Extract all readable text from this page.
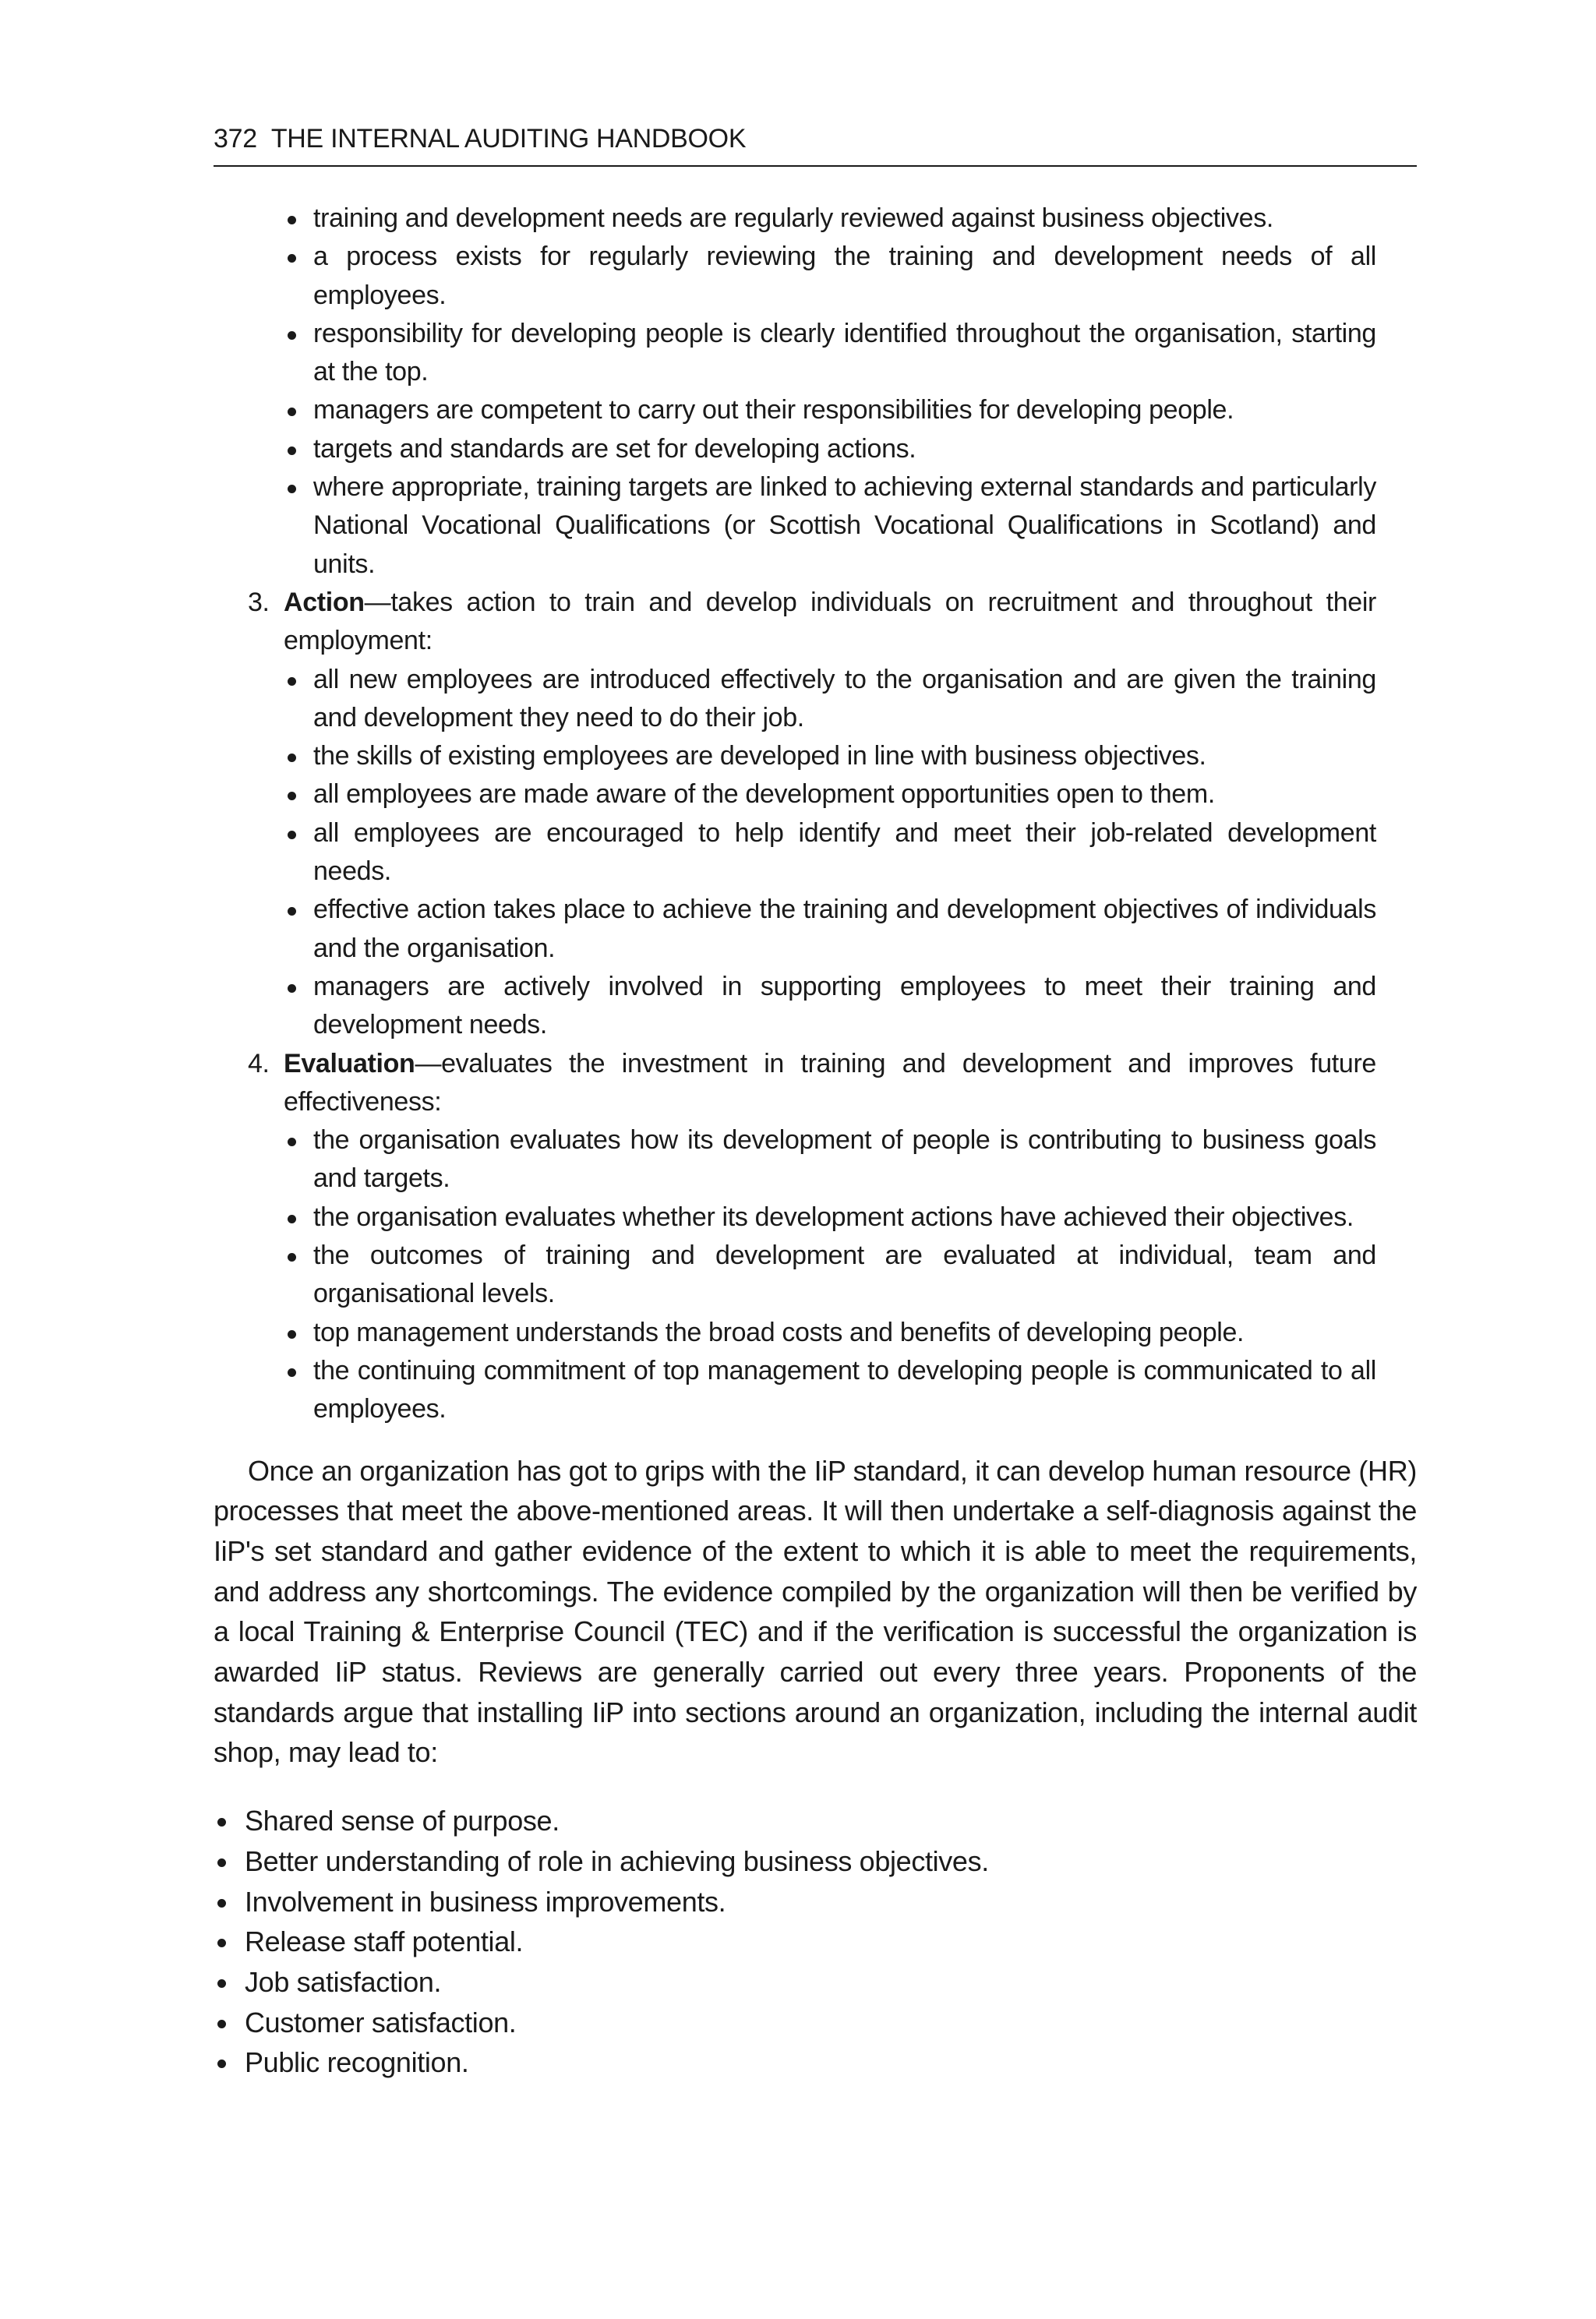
372 THE INTERNAL AUDITING HANDBOOK
training and development needs are regularly reviewed against business objectives.
a process exists for regularly reviewing the training and development needs of all employees.
responsibility for developing people is clearly identified throughout the organisation, starting at the top.
managers are competent to carry out their responsibilities for developing people.
targets and standards are set for developing actions.
where appropriate, training targets are linked to achieving external standards and particularly National Vocational Qualifications (or Scottish Vocational Qualifications in Scotland) and units.
3. Action—takes action to train and develop individuals on recruitment and throughout their employment:
all new employees are introduced effectively to the organisation and are given the training and development they need to do their job.
the skills of existing employees are developed in line with business objectives.
all employees are made aware of the development opportunities open to them.
all employees are encouraged to help identify and meet their job-related development needs.
effective action takes place to achieve the training and development objectives of individuals and the organisation.
managers are actively involved in supporting employees to meet their training and development needs.
4. Evaluation—evaluates the investment in training and development and improves future effectiveness:
the organisation evaluates how its development of people is contributing to business goals and targets.
the organisation evaluates whether its development actions have achieved their objectives.
the outcomes of training and development are evaluated at individual, team and organisational levels.
top management understands the broad costs and benefits of developing people.
the continuing commitment of top management to developing people is communicated to all employees.

Once an organization has got to grips with the IiP standard, it can develop human resource (HR) processes that meet the above-mentioned areas. It will then undertake a self-diagnosis against the IiP's set standard and gather evidence of the extent to which it is able to meet the requirements, and address any shortcomings. The evidence compiled by the organization will then be verified by a local Training & Enterprise Council (TEC) and if the verification is successful the organization is awarded IiP status. Reviews are generally carried out every three years. Proponents of the standards argue that installing IiP into sections around an organization, including the internal audit shop, may lead to:

Shared sense of purpose.
Better understanding of role in achieving business objectives.
Involvement in business improvements.
Release staff potential.
Job satisfaction.
Customer satisfaction.
Public recognition.
